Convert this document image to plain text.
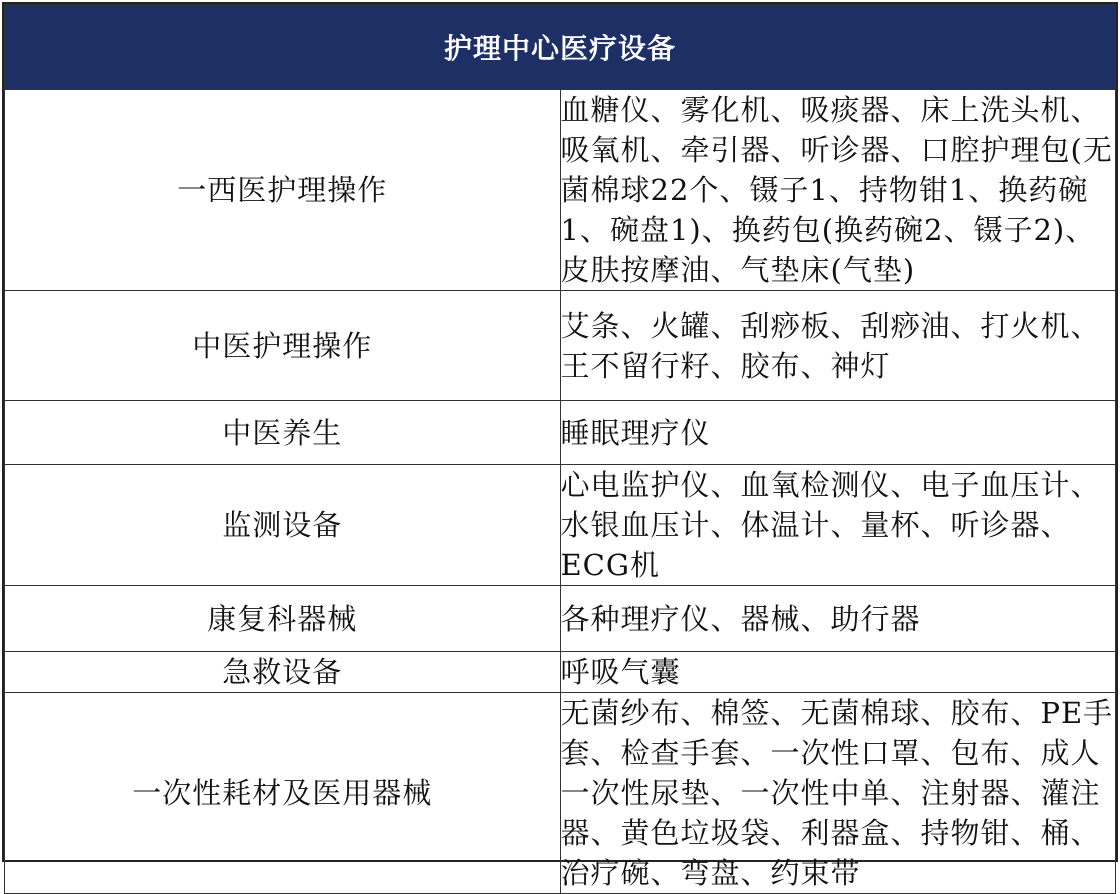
护理中心医疗设备	
一西医护理操作	血糖仪、雾化机、吸痰器、床上洗头机、吸氧机、牵引器、听诊器、口腔护理包(无菌棉球22个、镊子1、持物钳1、换药碗1、碗盘1)、换药包(换药碗2、镊子2)、皮肤按摩油、气垫床(气垫)
中医护理操作	艾条、火罐、刮痧板、刮痧油、打火机、王不留行籽、胶布、神灯
中医养生	睡眠理疗仪
监测设备	心电监护仪、血氧检测仪、电子血压计、水银血压计、体温计、量杯、听诊器、ECG机
康复科器械	各种理疗仪、器械、助行器
急救设备	呼吸气囊
一次性耗材及医用器械	无菌纱布、棉签、无菌棉球、胶布、PE手套、检查手套、一次性口罩、包布、成人一次性尿垫、一次性中单、注射器、灌注器、黄色垃圾袋、利器盒、持物钳、桶、治疗碗、弯盘、约束带
